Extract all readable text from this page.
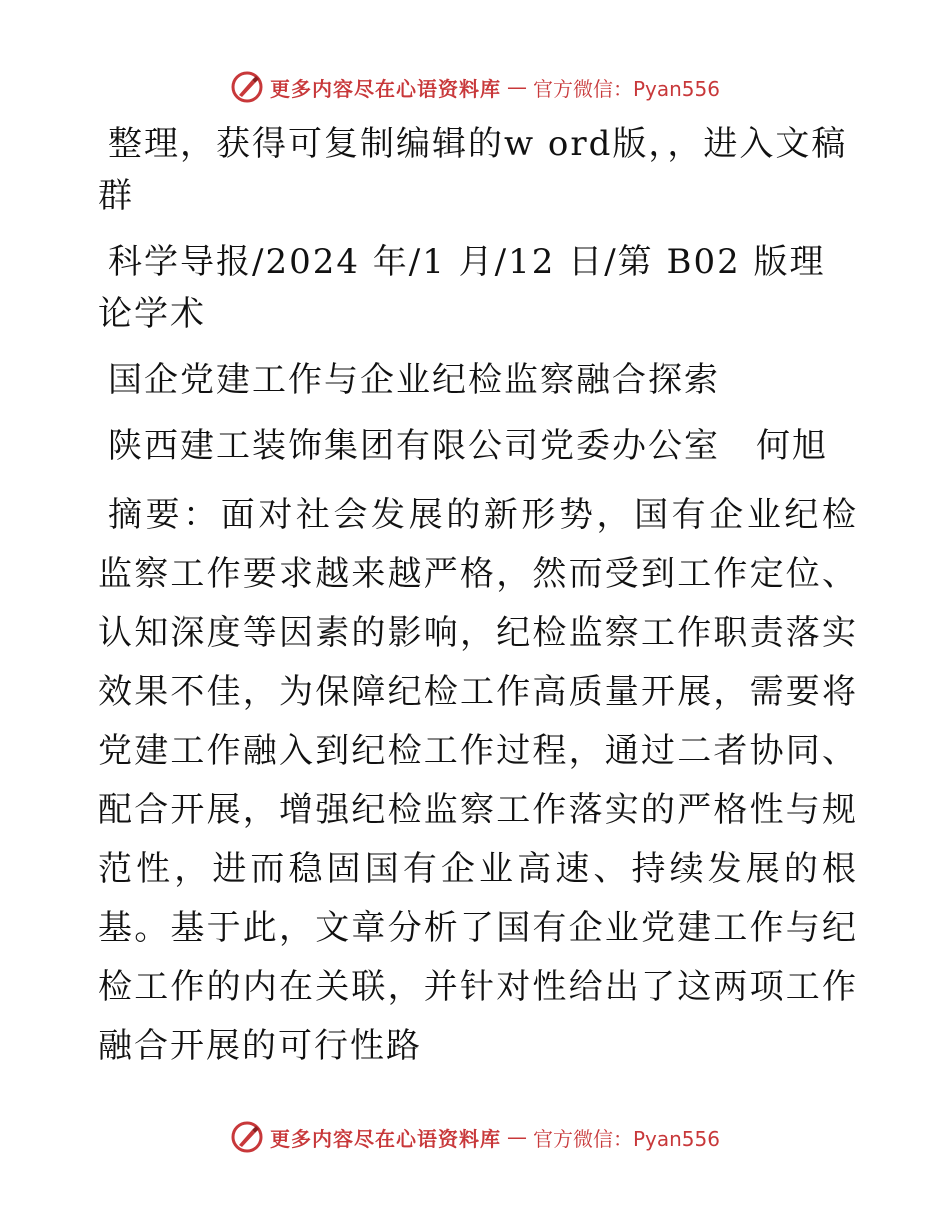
更多内容尽在心语资料库 — 官方微信：Pyan556

整理，获得可复制编辑的w ord版，，进入文稿群

科学导报/2024 年/1 月/12 日/第 B02 版理论学术

国企党建工作与企业纪检监察融合探索

陕西建工装饰集团有限公司党委办公室　何旭

摘要：面对社会发展的新形势，国有企业纪检监察工作要求越来越严格，然而受到工作定位、认知深度等因素的影响，纪检监察工作职责落实效果不佳，为保障纪检工作高质量开展，需要将党建工作融入到纪检工作过程，通过二者协同、配合开展，增强纪检监察工作落实的严格性与规范性，进而稳固国有企业高速、持续发展的根基。基于此，文章分析了国有企业党建工作与纪检工作的内在关联，并针对性给出了这两项工作融合开展的可行性路

更多内容尽在心语资料库 — 官方微信：Pyan556
